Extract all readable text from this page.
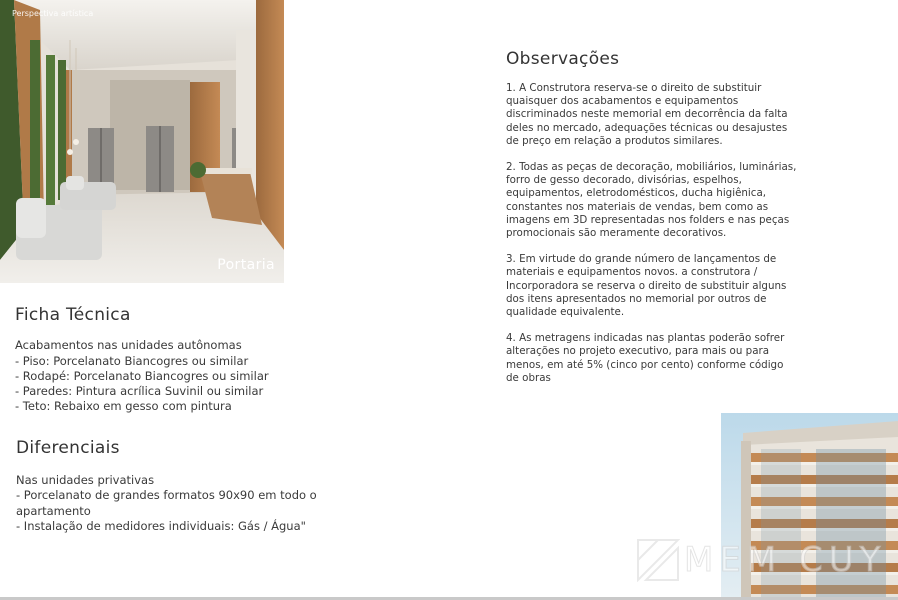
Perspectiva artística
Portaria
Ficha Técnica
Acabamentos nas unidades autônomas
- Piso: Porcelanato Biancogres ou similar
- Rodapé: Porcelanato Biancogres ou similar
- Paredes: Pintura acrílica Suvinil ou similar
- Teto: Rebaixo em gesso com pintura
Diferenciais
Nas unidades privativas
- Porcelanato de grandes formatos 90x90 em todo o apartamento
- Instalação de medidores individuais: Gás / Água"
Observações
1. A Construtora reserva-se o direito de substituir quaisquer dos acabamentos e equipamentos discriminados neste memorial em decorrência da falta deles no mercado, adequações técnicas ou desajustes de preço em relação a produtos similares.
2. Todas as peças de decoração, mobiliários, luminárias, forro de gesso decorado, divisórias, espelhos, equipamentos, eletrodomésticos, ducha higiênica, constantes nos materiais de vendas, bem como as imagens em 3D representadas nos folders e nas peças promocionais são meramente decorativos.
3. Em virtude do grande número de lançamentos de materiais e equipamentos novos. a construtora / Incorporadora se reserva o direito de substituir alguns dos itens apresentados no memorial por outros de qualidade equivalente.
4. As metragens indicadas nas plantas poderão sofrer alterações no projeto executivo, para mais ou para menos, em até 5% (cinco por cento) conforme código de obras
MEM CUY
